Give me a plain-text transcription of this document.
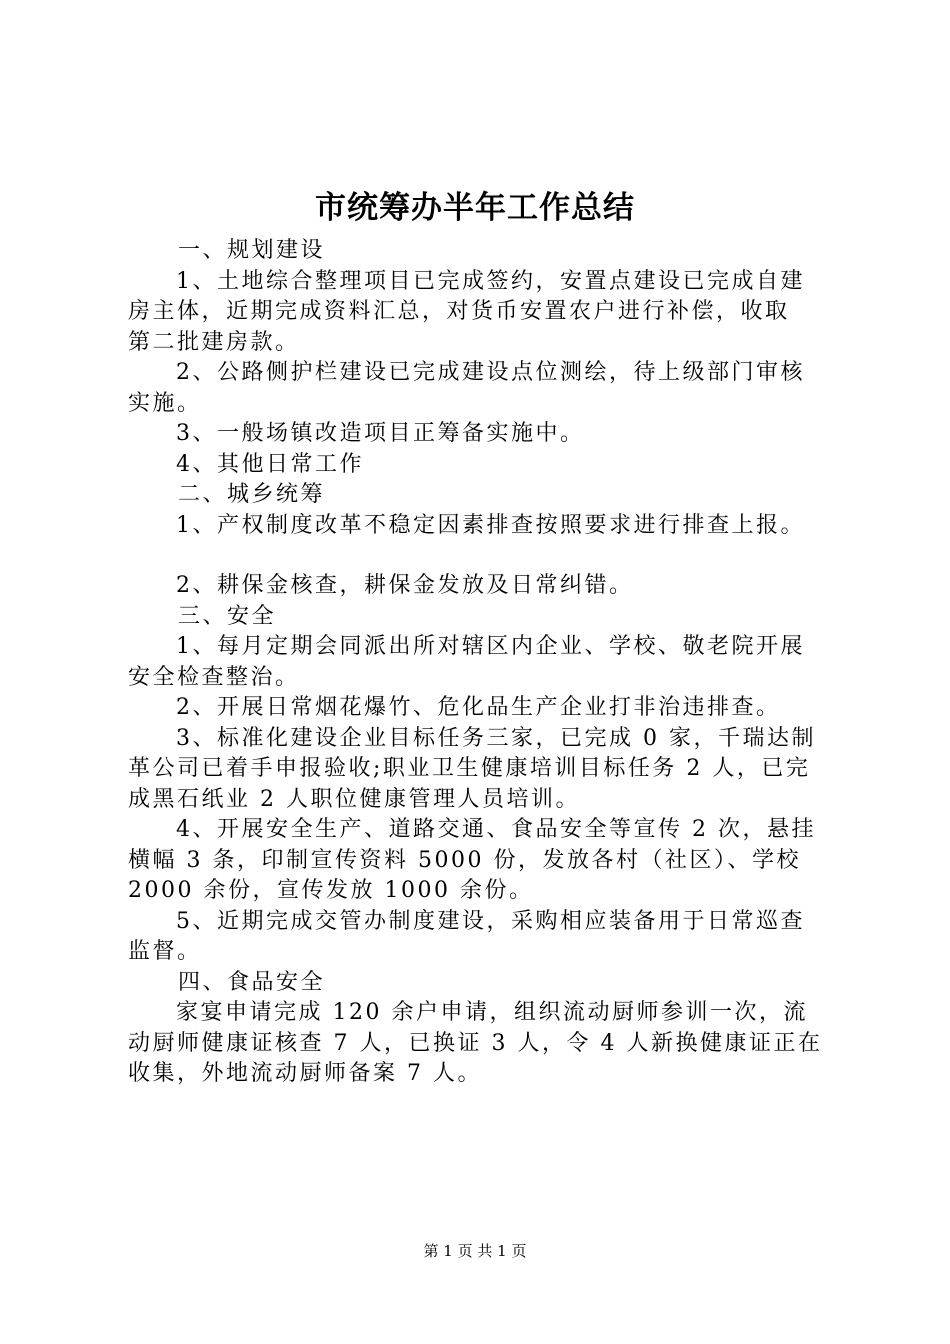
市统筹办半年工作总结
一、规划建设
1、土地综合整理项目已完成签约，安置点建设已完成自建
房主体，近期完成资料汇总，对货币安置农户进行补偿，收取
第二批建房款。
2、公路侧护栏建设已完成建设点位测绘，待上级部门审核
实施。
3、一般场镇改造项目正筹备实施中。
4、其他日常工作
二、城乡统筹
1、产权制度改革不稳定因素排查按照要求进行排查上报。
2、耕保金核查，耕保金发放及日常纠错。
三、安全
1、每月定期会同派出所对辖区内企业、学校、敬老院开展
安全检查整治。
2、开展日常烟花爆竹、危化品生产企业打非治违排查。
3、标准化建设企业目标任务三家，已完成 0 家，千瑞达制
革公司已着手申报验收;职业卫生健康培训目标任务 2 人，已完
成黑石纸业 2 人职位健康管理人员培训。
4、开展安全生产、道路交通、食品安全等宣传 2 次，悬挂
横幅 3 条，印制宣传资料 5000 份，发放各村（社区）、学校
2000 余份，宣传发放 1000 余份。
5、近期完成交管办制度建设，采购相应装备用于日常巡查
监督。
四、食品安全
家宴申请完成 120 余户申请，组织流动厨师参训一次，流
动厨师健康证核查 7 人，已换证 3 人，令 4 人新换健康证正在
收集，外地流动厨师备案 7 人。
第 1 页 共 1 页
